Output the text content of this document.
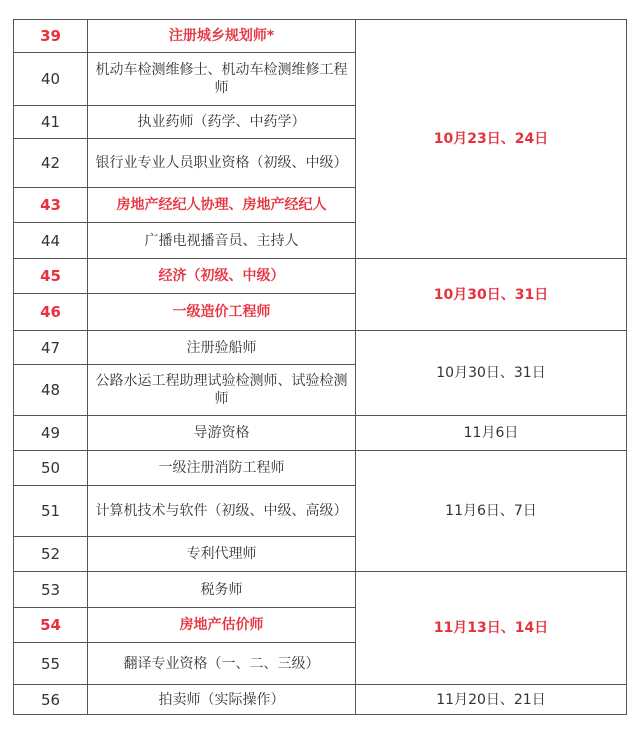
39	注册城乡规划师*	10月23日、24日
40	机动车检测维修士、机动车检测维修工程师	
41	执业药师（药学、中药学）	
42	银行业专业人员职业资格（初级、中级）	
43	房地产经纪人协理、房地产经纪人	
44	广播电视播音员、主持人	
45	经济（初级、中级）	10月30日、31日
46	一级造价工程师	
47	注册验船师	10月30日、31日
48	公路水运工程助理试验检测师、试验检测师	
49	导游资格	11月6日
50	一级注册消防工程师	11月6日、7日
51	计算机技术与软件（初级、中级、高级）	
52	专利代理师	
53	税务师	11月13日、14日
54	房地产估价师	
55	翻译专业资格（一、二、三级）	
56	拍卖师（实际操作）	11月20日、21日
